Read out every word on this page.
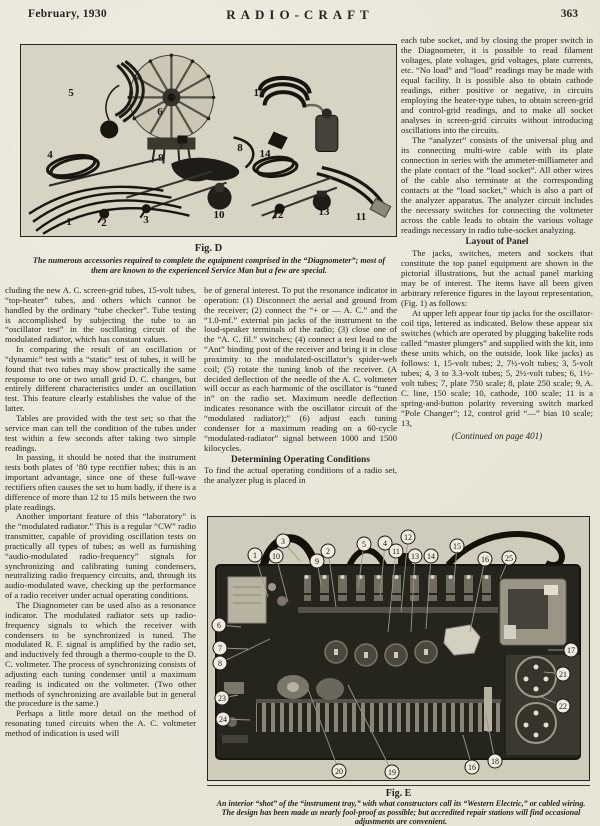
February, 1930	RADIO-CRAFT	363
5
6
15
4	9
7	8 14
1	2	3	10	12	13 11
Fig. D
The numerous accessories required to complete the equipment comprised in the “Diagnometer”; most of them are known to the experienced Service Man but a few are special.

cluding the new A. C. screen-grid tubes, 15-volt tubes, “top-heater” tubes, and others which cannot be handled by the ordinary “tube checker”. Tube testing is accomplished by subjecting the tube to an “oscillator test” in the oscillating circuit of the modulated radiator, which has constant values.

In comparing the result of an oscillation or “dynamic” test with a “static” test of tubes, it will be found that two tubes may show practically the same response to one or two small grid D. C. changes, but entirely different characteristics under an oscillation test. This feature clearly establishes the value of the latter.

Tables are provided with the test set; so that the service man can tell the condition of the tubes under test within a few seconds after taking two simple readings.

In passing, it should be noted that the instrument tests both plates of ’80 type rectifier tubes; this is an important advantage, since one of these full-wave rectifiers often causes the set to hum badly, if there is a difference of more than 12 to 15 mils between the two plate readings.

Another important feature of this “laboratory” is the “modulated radiator.” This is a regular “CW” radio transmitter, capable of providing oscillation tests on practically all types of tubes; as well as furnishing “audio-modulated radio-frequency” signals for synchronizing and calibrating tuning condensers, neutralizing radio frequency circuits, and, through its audio-modulated wave, checking up the performance of a radio receiver under actual operating conditions.

The Diagnometer can be used also as a resonance indicator. The modulated radiator sets up radio-frequency signals to which the receiver with condensers to be synchronized is tuned. The modulated R. F. signal is amplified by the radio set, and inductively fed through a thermo-couple to the D. C. voltmeter. The process of synchronizing consists of adjusting each tuning condenser until a maximum reading is indicated on the voltmeter. (Two other methods of synchronizing are available but in general the procedure is the same.)

Perhaps a little more detail on the method of resonating tuned circuits when the A. C. voltmeter method of indication is used will

be of general interest. To put the resonance indicator in operation: (1) Disconnect the aerial and ground from the receiver; (2) connect the “+ or — A. C.” and the “1.0-mf.” external pin jacks of the instrument to the loud-speaker terminals of the radio; (3) close one of the “A. C. fil.” switches; (4) connect a test lead to the “Ant” binding post of the receiver and bring it in close proximity to the modulated-oscillator’s spider-web coil; (5) rotate the tuning knob of the receiver. (A decided deflection of the needle of the A. C. voltmeter will occur as each harmonic of the oscillator is “tuned in” on the radio set. Maximum needle deflection indicates resonance with the oscillator circuit of the “modulated radiator);” (6) adjust each tuning condenser for a maximum reading on a 60-cycle “modulated-radiator” signal between 1000 and 1500 kilocycles.

Determining Operating Conditions

To find the actual operating conditions of a radio set, the analyzer plug is placed in

each tube socket, and by closing the proper switch in the Diagnometer, it is possible to read filament voltages, plate voltages, grid voltages, plate currents, etc. “No load” and “load” readings may be made with equal facility. It is possible also to obtain cathode readings, either positive or negative, in circuits employing the heater-type tubes, to obtain screen-grid and control-grid readings, and to make all socket analyses in screen-grid circuits without introducing oscillations into the circuits.

The “analyzer” consists of the universal plug and its connecting multi-wire cable with its plate connection in series with the ammeter-milliameter and the plate contact of the “load socket”. All other wires of the cable also terminate at the corresponding contacts at the “load socket,” which is also a part of the analyzer apparatus. The analyzer circuit includes the necessary switches for connecting the voltmeter across the cable leads to obtain the various voltage readings necessary in radio tube-socket analyzing.

Layout of Panel

The jacks, switches, meters and sockets that constitute the top panel equipment are shown in the pictorial illustrations, but the actual panel marking may be of interest. The items have all been given arbitrary reference figures in the layout representation, (Fig. 1) as follows:

At upper left appear four tip jacks for the oscillator-coil tips, lettered as indicated. Below these appear six switches (which are operated by plugging bakelite rods called “master plungers” and supplied with the kit, into these units which, on the outside, look like jacks) as follows: 1, 15-volt tubes; 2, 7½-volt tubes; 3, 5-volt tubes; 4, 3 to 3.3-volt tubes; 5, 2½-volt tubes; 6, 1½-volt tubes; 7, plate 750 scale; 8, plate 250 scale; 9, A. C. line, 150 scale; 10, cathode, 100 scale; 11 is a spring-and-button polarity reversing switch marked “Pole Changer”; 12, control grid “—” bias 10 scale; 13,

(Continued on page 401)
1 10
3
9
2
5 4
11
12
13 14
15
16 25
6
7
8
23
24
17
21
22
20	19
16
18
Fig. E
An interior “shot” of the “instrument tray,” with what constructors call its “Western Electric,” or cabled wiring. The design has been made as nearly fool-proof as possible; but accredited repair stations will find occasional adjustments are convenient.
